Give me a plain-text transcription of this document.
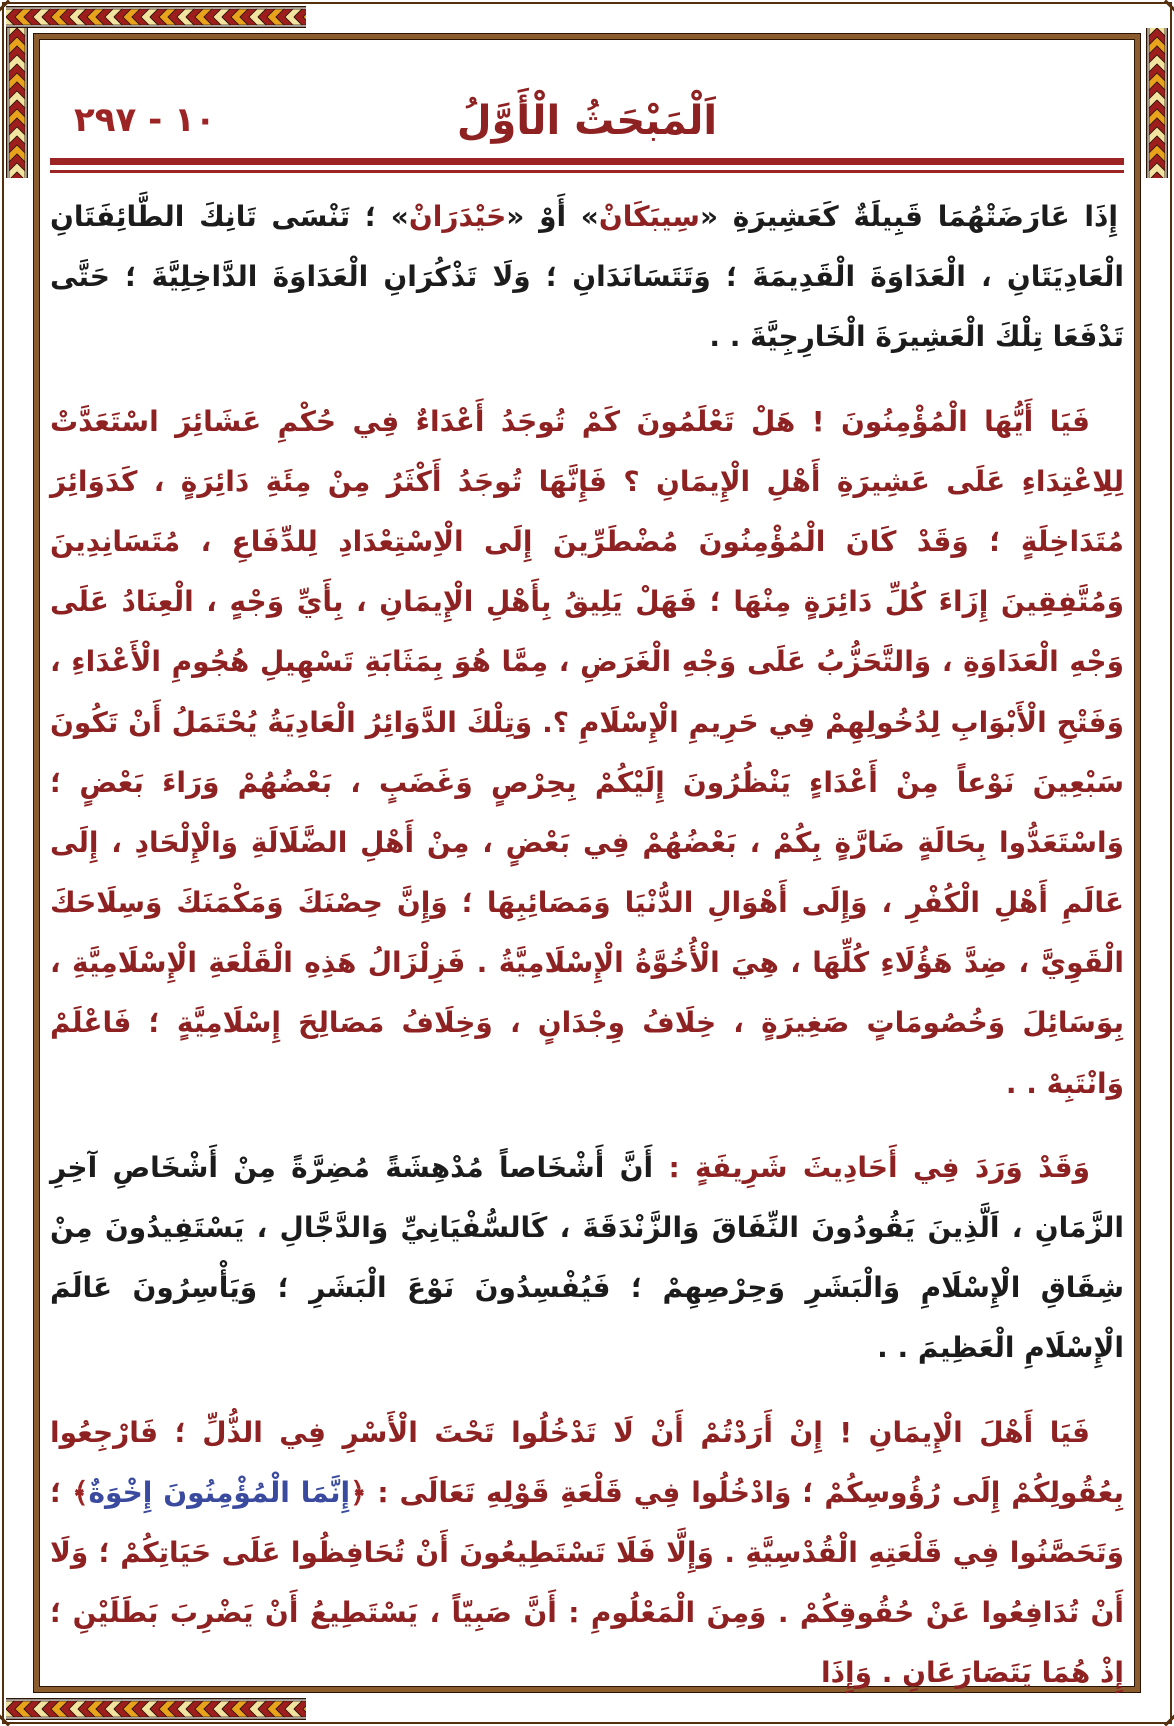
١٠ - ٢٩٧	اَلْمَبْحَثُ الْأَوَّلُ

إِذَا عَارَضَتْهُمَا قَبِيلَةٌ كَعَشِيرَةِ «سِيبَكَانْ» أَوْ «حَيْدَرَانْ» ؛ تَنْسَى تَانِكَ الطَّائِفَتَانِ الْعَادِيَتَانِ ، الْعَدَاوَةَ الْقَدِيمَةَ ؛ وَتَتَسَانَدَانِ ؛ وَلَا تَذْكُرَانِ الْعَدَاوَةَ الدَّاخِلِيَّةَ ؛ حَتَّى تَدْفَعَا تِلْكَ الْعَشِيرَةَ الْخَارِجِيَّةَ . .

فَيَا أَيُّهَا الْمُؤْمِنُونَ ! هَلْ تَعْلَمُونَ كَمْ تُوجَدُ أَعْدَاءٌ فِي حُكْمِ عَشَائِرَ اسْتَعَدَّتْ لِلِاعْتِدَاءِ عَلَى عَشِيرَةِ أَهْلِ الْإِيمَانِ ؟ فَإِنَّهَا تُوجَدُ أَكْثَرُ مِنْ مِئَةِ دَائِرَةٍ ، كَدَوَائِرَ مُتَدَاخِلَةٍ ؛ وَقَدْ كَانَ الْمُؤْمِنُونَ مُضْطَرِّينَ إِلَى الْاِسْتِعْدَادِ لِلدِّفَاعِ ، مُتَسَانِدِينَ وَمُتَّفِقِينَ إِزَاءَ كُلِّ دَائِرَةٍ مِنْهَا ؛ فَهَلْ يَلِيقُ بِأَهْلِ الْإِيمَانِ ، بِأَيِّ وَجْهٍ ، الْعِنَادُ عَلَى وَجْهِ الْعَدَاوَةِ ، وَالتَّحَزُّبُ عَلَى وَجْهِ الْغَرَضِ ، مِمَّا هُوَ بِمَثَابَةِ تَسْهِيلِ هُجُومِ الْأَعْدَاءِ ، وَفَتْحِ الْأَبْوَابِ لِدُخُولِهِمْ فِي حَرِيمِ الْإِسْلَامِ ؟. وَتِلْكَ الدَّوَائِرُ الْعَادِيَةُ يُحْتَمَلُ أَنْ تَكُونَ سَبْعِينَ نَوْعاً مِنْ أَعْدَاءٍ يَنْظُرُونَ إِلَيْكُمْ بِحِرْصٍ وَغَضَبٍ ، بَعْضُهُمْ وَرَاءَ بَعْضٍ ؛ وَاسْتَعَدُّوا بِحَالَةٍ ضَارَّةٍ بِكُمْ ، بَعْضُهُمْ فِي بَعْضٍ ، مِنْ أَهْلِ الضَّلَالَةِ وَالْإِلْحَادِ ، إِلَى عَالَمِ أَهْلِ الْكُفْرِ ، وَإِلَى أَهْوَالِ الدُّنْيَا وَمَصَائِبِهَا ؛ وَإِنَّ حِصْنَكَ وَمَكْمَنَكَ وَسِلَاحَكَ الْقَوِيَّ ، ضِدَّ هَؤُلَاءِ كُلِّهَا ، هِيَ الْأُخُوَّةُ الْإِسْلَامِيَّةُ . فَزِلْزَالُ هَذِهِ الْقَلْعَةِ الْإِسْلَامِيَّةِ ، بِوَسَائِلَ وَخُصُومَاتٍ صَغِيرَةٍ ، خِلَافُ وِجْدَانٍ ، وَخِلَافُ مَصَالِحَ إِسْلَامِيَّةٍ ؛ فَاعْلَمْ وَانْتَبِهْ . .

وَقَدْ وَرَدَ فِي أَحَادِيثَ شَرِيفَةٍ : أَنَّ أَشْخَاصاً مُدْهِشَةً مُضِرَّةً مِنْ أَشْخَاصِ آخِرِ الزَّمَانِ ، اَلَّذِينَ يَقُودُونَ النِّفَاقَ وَالزَّنْدَقَةَ ، كَالسُّفْيَانِيِّ وَالدَّجَّالِ ، يَسْتَفِيدُونَ مِنْ شِقَاقِ الْإِسْلَامِ وَالْبَشَرِ وَحِرْصِهِمْ ؛ فَيُفْسِدُونَ نَوْعَ الْبَشَرِ ؛ وَيَأْسِرُونَ عَالَمَ الْإِسْلَامِ الْعَظِيمَ . .

فَيَا أَهْلَ الْإِيمَانِ ! إِنْ أَرَدْتُمْ أَنْ لَا تَدْخُلُوا تَحْتَ الْأَسْرِ فِي الذُّلِّ ؛ فَارْجِعُوا بِعُقُولِكُمْ إِلَى رُؤُوسِكُمْ ؛ وَادْخُلُوا فِي قَلْعَةِ قَوْلِهِ تَعَالَى : ﴿إِنَّمَا الْمُؤْمِنُونَ إِخْوَةٌ﴾ ؛ وَتَحَصَّنُوا فِي قَلْعَتِهِ الْقُدْسِيَّةِ . وَإِلَّا فَلَا تَسْتَطِيعُونَ أَنْ تُحَافِظُوا عَلَى حَيَاتِكُمْ ؛ وَلَا أَنْ تُدَافِعُوا عَنْ حُقُوقِكُمْ . وَمِنَ الْمَعْلُومِ : أَنَّ صَبِيّاً ، يَسْتَطِيعُ أَنْ يَضْرِبَ بَطَلَيْنِ ؛ إِذْ هُمَا يَتَصَارَعَانِ . وَإِذَا
